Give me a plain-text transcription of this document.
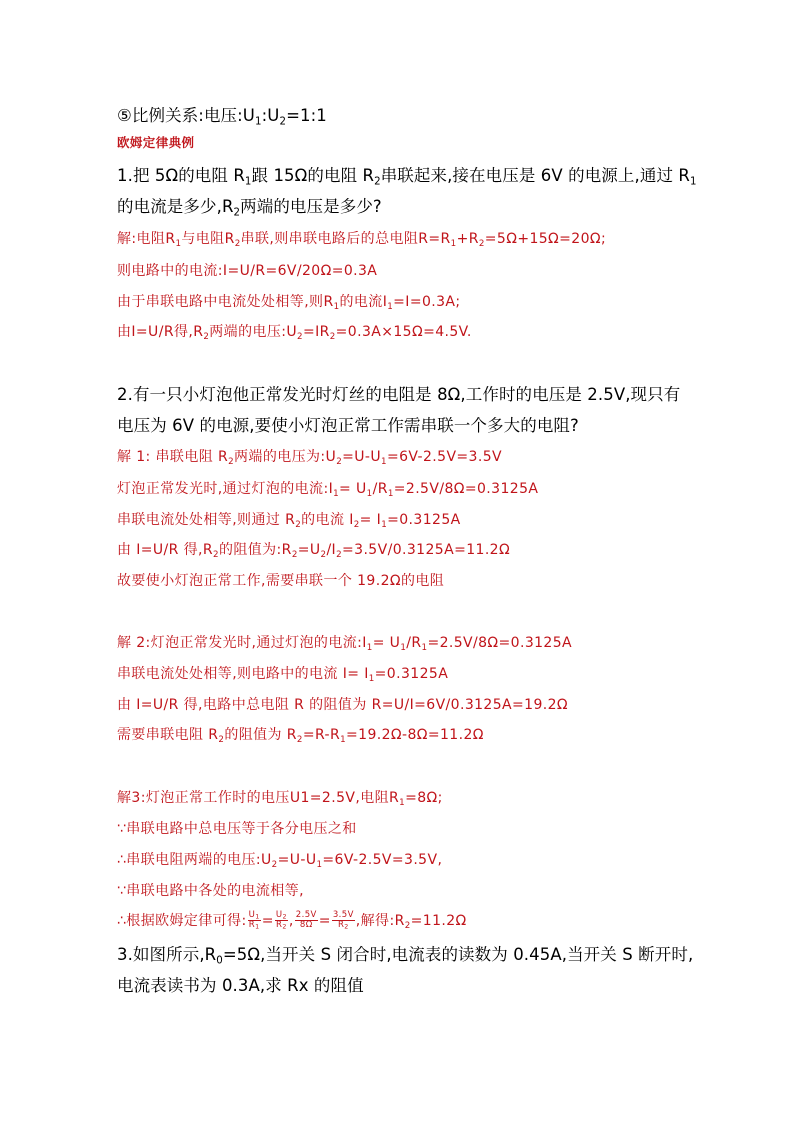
⑤比例关系:电压$:U_1:U_2=1:1$
欧姆定律典例
1.把 5Ω的电阻 $R_1$跟 15Ω的电阻 $R_2$串联起来,接在电压是 6V 的电源上,通过 $R_1$
的电流是多少$,R_2$两端的电压是多少?
解:电阻$R_1$与电阻$R_2$串联,则串联电路后的总电阻$R=R_1+R_2=5\Omega+15\Omega=20\Omega$;
则电路中的电流:I=U/R=6V/20Ω=0.3A
由于串联电路中电流处处相等,则$R_1$的电流$I_1=I=0.3A$;
由I=U/R得$,R_2$两端的电压$:U_2=IR_2=0.3A\times 15\Omega=4.5V$.
2.有一只小灯泡他正常发光时灯丝的电阻是 8Ω,工作时的电压是 2.5V,现只有
电压为 6V 的电源,要使小灯泡正常工作需串联一个多大的电阻?
解 1: 串联电阻 $R_2$两端的电压为$:U_2=U-U_1=6V-2.5V=3.5V$
灯泡正常发光时,通过灯泡的电流$:I_1= U_1/R_1=2.5V/8\Omega=0.3125A$
串联电流处处相等,则通过 $R_2$的电流 $I_2= I_1=0.3125A$
由 I=U/R 得$,R_2$的阻值为$:R_2=U_2/I_2=3.5V/0.3125A=11.2\Omega$
故要使小灯泡正常工作,需要串联一个 19.2Ω的电阻
解 2:灯泡正常发光时,通过灯泡的电流$:I_1= U_1/R_1=2.5V/8\Omega=0.3125A$
串联电流处处相等,则电路中的电流 $I= I_1=0.3125A$
由 I=U/R 得,电路中总电阻 R 的阻值为 R=U/I=6V/0.3125A=19.2Ω
需要串联电阻 $R_2$的阻值为 $R_2=R-R_1=19.2\Omega-8\Omega=11.2\Omega$
解3:灯泡正常工作时的电压U1=2.5V,电阻$R_1=8\Omega$;
∵串联电路中总电压等于各分电压之和
∴串联电阻两端的电压$:U_2=U-U_1=6V-2.5V=3.5V$,
∵串联电路中各处的电流相等,
∴根据欧姆定律可得: $\frac{U_1}{R_1} = \frac{U_2}{R_2}$ , $\frac{2.5V}{8\Omega} = \frac{3.5V}{R_2}$ ,解得$:R_2=11.2\Omega$
3.如图所示$,R_0=5\Omega$,当开关 S 闭合时,电流表的读数为 0.45A,当开关 S 断开时,
电流表读书为 0.3A,求 Rx 的阻值
